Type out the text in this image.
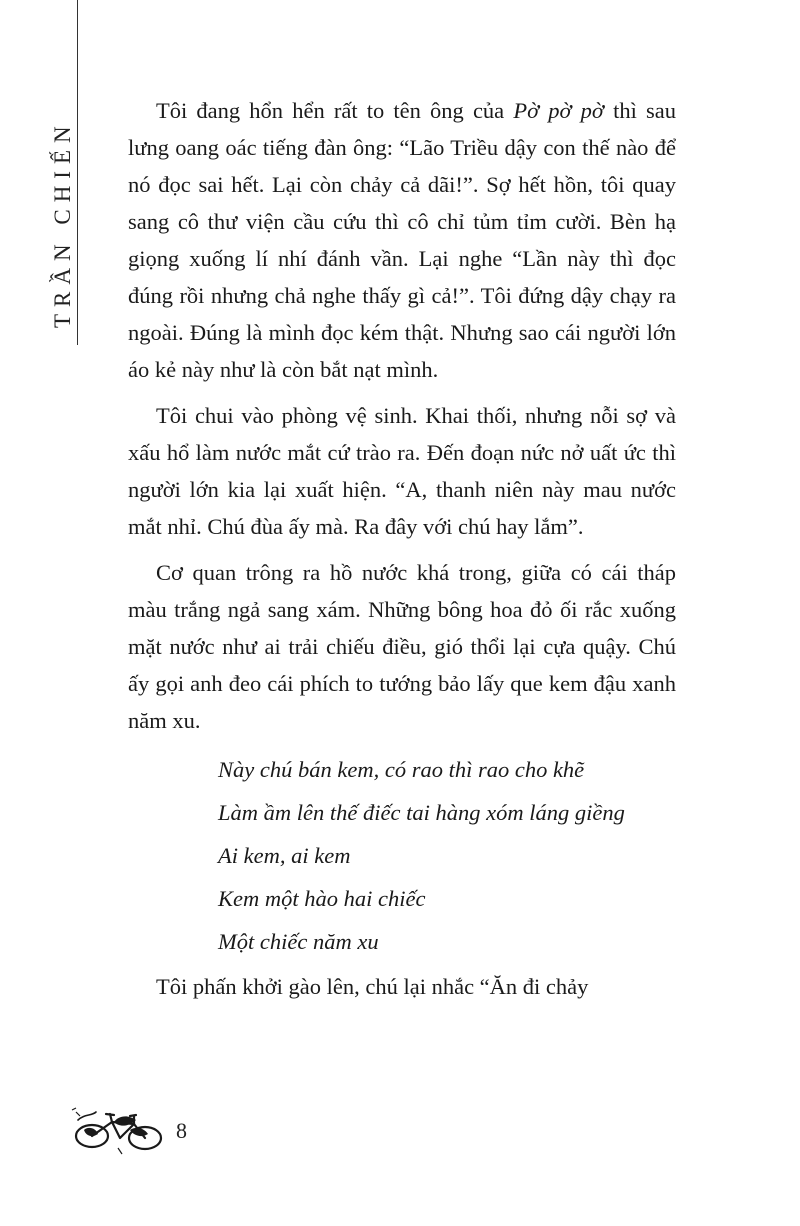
TRẦN CHIẾN

Tôi đang hổn hển rất to tên ông của Pờ pờ pờ thì sau lưng oang oác tiếng đàn ông: “Lão Triều dậy con thế nào để nó đọc sai hết. Lại còn chảy cả dãi!”. Sợ hết hồn, tôi quay sang cô thư viện cầu cứu thì cô chỉ tủm tỉm cười. Bèn hạ giọng xuống lí nhí đánh vần. Lại nghe “Lần này thì đọc đúng rồi nhưng chả nghe thấy gì cả!”. Tôi đứng dậy chạy ra ngoài. Đúng là mình đọc kém thật. Nhưng sao cái người lớn áo kẻ này như là còn bắt nạt mình.

Tôi chui vào phòng vệ sinh. Khai thối, nhưng nỗi sợ và xấu hổ làm nước mắt cứ trào ra. Đến đoạn nức nở uất ức thì người lớn kia lại xuất hiện. “A, thanh niên này mau nước mắt nhỉ. Chú đùa ấy mà. Ra đây với chú hay lắm”.

Cơ quan trông ra hồ nước khá trong, giữa có cái tháp màu trắng ngả sang xám. Những bông hoa đỏ ối rắc xuống mặt nước như ai trải chiếu điều, gió thổi lại cựa quậy. Chú ấy gọi anh đeo cái phích to tướng bảo lấy que kem đậu xanh năm xu.

Này chú bán kem, có rao thì rao cho khẽ
Làm ầm lên thế điếc tai hàng xóm láng giềng
Ai kem, ai kem
Kem một hào hai chiếc
Một chiếc năm xu

Tôi phấn khởi gào lên, chú lại nhắc “Ăn đi chảy

8
